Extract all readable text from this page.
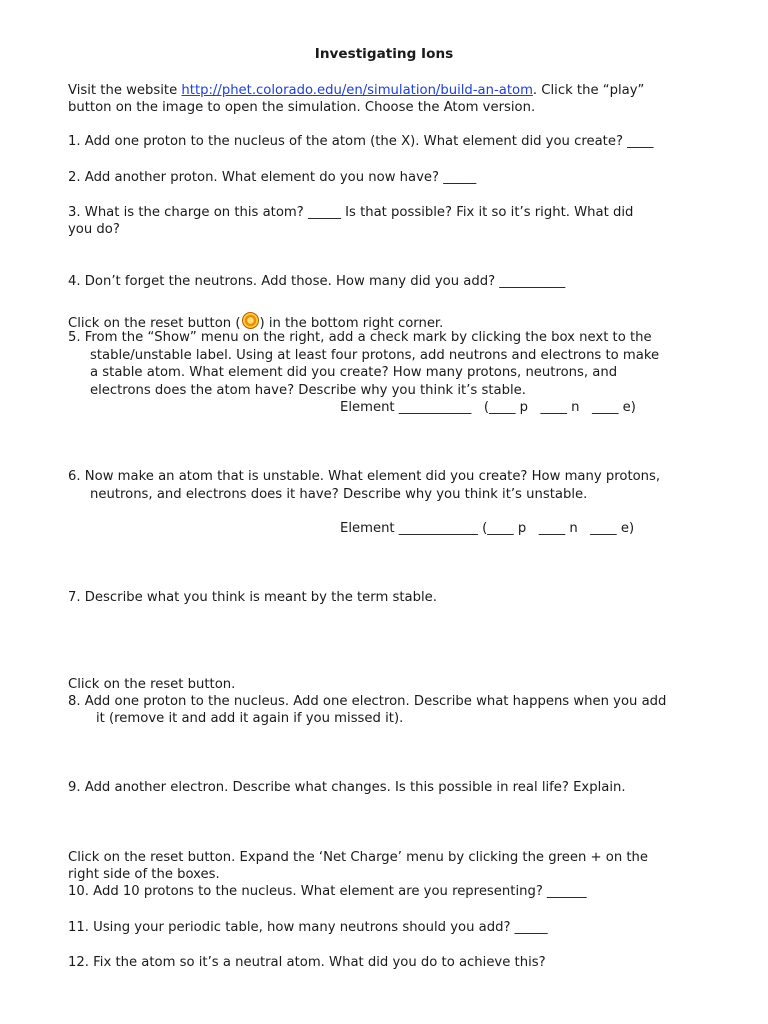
Investigating Ions
Visit the website http://phet.colorado.edu/en/simulation/build-an-atom. Click the “play”
button on the image to open the simulation. Choose the Atom version.
1. Add one proton to the nucleus of the atom (the X). What element did you create? ____
2. Add another proton. What element do you now have? _____
3. What is the charge on this atom? _____ Is that possible? Fix it so it’s right. What did
you do?
4. Don’t forget the neutrons. Add those. How many did you add? __________
Click on the reset button ( ) in the bottom right corner.
5. From the “Show” menu on the right, add a check mark by clicking the box next to the
stable/unstable label. Using at least four protons, add neutrons and electrons to make
a stable atom. What element did you create? How many protons, neutrons, and
electrons does the atom have? Describe why you think it’s stable.
Element ___________   (____ p   ____ n   ____ e)
6. Now make an atom that is unstable. What element did you create? How many protons,
neutrons, and electrons does it have? Describe why you think it’s unstable.
Element ____________ (____ p   ____ n   ____ e)
7. Describe what you think is meant by the term stable.
Click on the reset button.
8. Add one proton to the nucleus. Add one electron. Describe what happens when you add
it (remove it and add it again if you missed it).
9. Add another electron. Describe what changes. Is this possible in real life? Explain.
Click on the reset button. Expand the ‘Net Charge’ menu by clicking the green + on the
right side of the boxes.
10. Add 10 protons to the nucleus. What element are you representing? ______
11. Using your periodic table, how many neutrons should you add? _____
12. Fix the atom so it’s a neutral atom. What did you do to achieve this?
